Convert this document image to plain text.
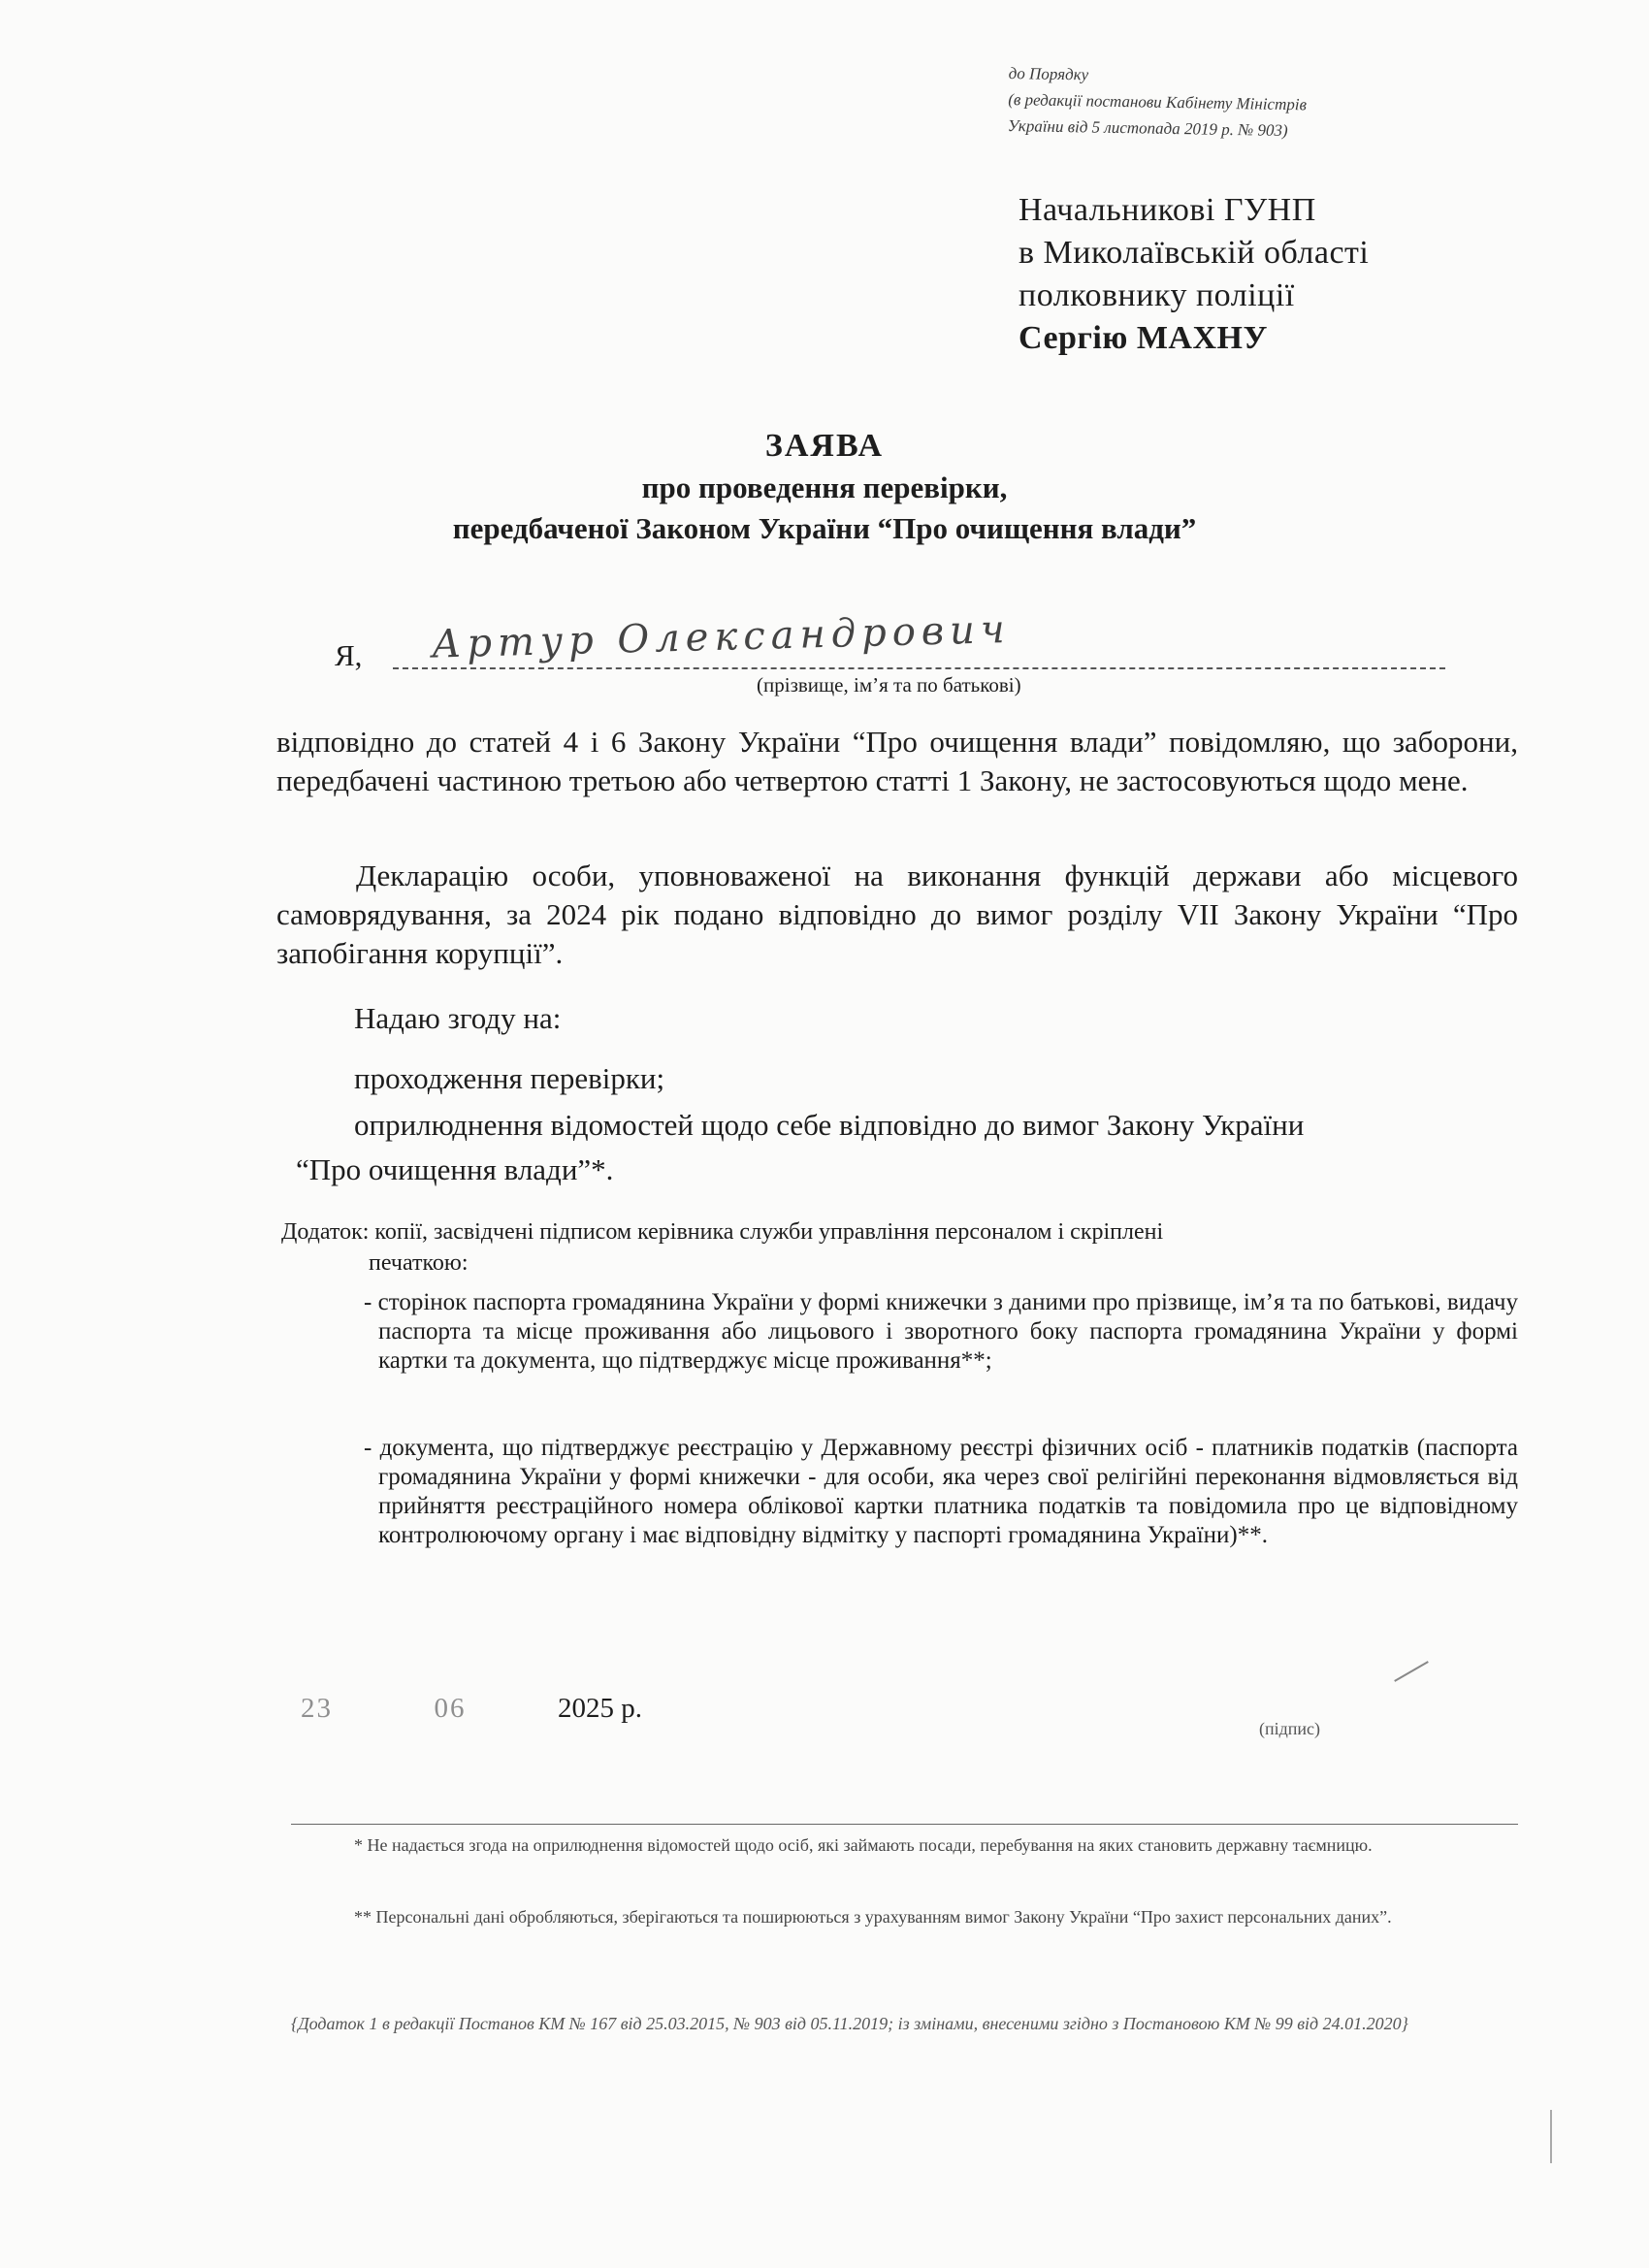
до Порядку
(в редакції постанови Кабінету Міністрів
України від 5 листопада 2019 р. № 903)
Начальникові ГУНП
в Миколаївській області
полковнику поліції
Сергію МАХНУ
ЗАЯВА
про проведення перевірки,
передбаченої Законом України “Про очищення влади”
Я, Артур Олександрович
(прізвище, ім’я та по батькові)
відповідно до статей 4 і 6 Закону України “Про очищення влади” повідомляю, що заборони, передбачені частиною третьою або четвертою статті 1 Закону, не застосовуються щодо мене.
Декларацію особи, уповноваженої на виконання функцій держави або місцевого самоврядування, за 2024 рік подано відповідно до вимог розділу VII Закону України “Про запобігання корупції”.
Надаю згоду на:
проходження перевірки;
оприлюднення відомостей щодо себе відповідно до вимог Закону України
“Про очищення влади”*.
Додаток: копії, засвідчені підписом керівника служби управління персоналом і скріплені
печаткою:
- сторінок паспорта громадянина України у формі книжечки з даними про прізвище, ім’я та по батькові, видачу паспорта та місце проживання або лицьового і зворотного боку паспорта громадянина України у формі картки та документа, що підтверджує місце проживання**;
- документа, що підтверджує реєстрацію у Державному реєстрі фізичних осіб - платників податків (паспорта громадянина України у формі книжечки - для особи, яка через свої релігійні переконання відмовляється від прийняття реєстраційного номера облікової картки платника податків та повідомила про це відповідному контролюючому органу і має відповідну відмітку у паспорті громадянина України)**.
23	06	2025 р.
(підпис)
* Не надається згода на оприлюднення відомостей щодо осіб, які займають посади, перебування на яких становить державну таємницю.
** Персональні дані обробляються, зберігаються та поширюються з урахуванням вимог Закону України “Про захист персональних даних”.
{Додаток 1 в редакції Постанов КМ № 167 від 25.03.2015, № 903 від 05.11.2019; із змінами, внесеними згідно з Постановою КМ № 99 від 24.01.2020}
